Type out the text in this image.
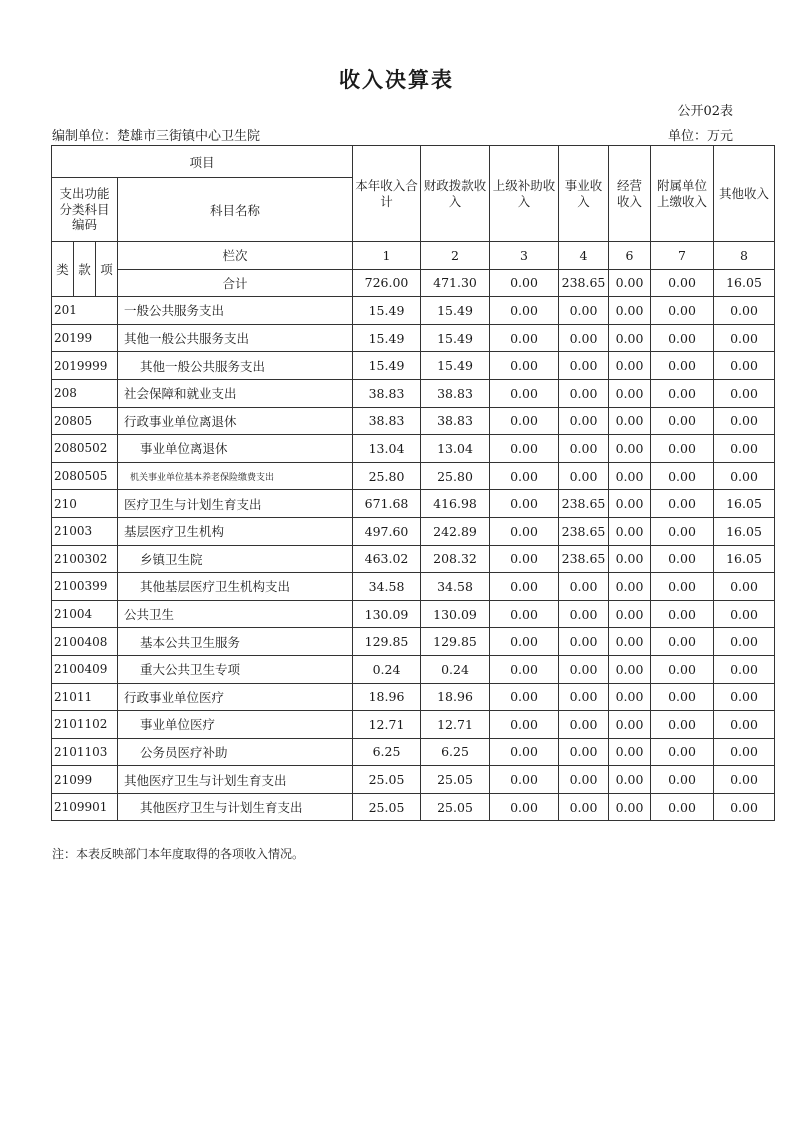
收入决算表
公开02表
编制单位：楚雄市三街镇中心卫生院	单位：万元
项目				本年收入合计	财政拨款收入	上级补助收入	事业收入	经营收入	附属单位上缴收入	其他收入
支出功能分类科目编码			科目名称							
类	款	项	栏次	1	2	3	4	6	7	8
			合计	726.00	471.30	0.00	238.65	0.00	0.00	16.05
201			一般公共服务支出	15.49	15.49	0.00	0.00	0.00	0.00	0.00
20199			其他一般公共服务支出	15.49	15.49	0.00	0.00	0.00	0.00	0.00
2019999			其他一般公共服务支出	15.49	15.49	0.00	0.00	0.00	0.00	0.00
208			社会保障和就业支出	38.83	38.83	0.00	0.00	0.00	0.00	0.00
20805			行政事业单位离退休	38.83	38.83	0.00	0.00	0.00	0.00	0.00
2080502			事业单位离退休	13.04	13.04	0.00	0.00	0.00	0.00	0.00
2080505			机关事业单位基本养老保险缴费支出	25.80	25.80	0.00	0.00	0.00	0.00	0.00
210			医疗卫生与计划生育支出	671.68	416.98	0.00	238.65	0.00	0.00	16.05
21003			基层医疗卫生机构	497.60	242.89	0.00	238.65	0.00	0.00	16.05
2100302			乡镇卫生院	463.02	208.32	0.00	238.65	0.00	0.00	16.05
2100399			其他基层医疗卫生机构支出	34.58	34.58	0.00	0.00	0.00	0.00	0.00
21004			公共卫生	130.09	130.09	0.00	0.00	0.00	0.00	0.00
2100408			基本公共卫生服务	129.85	129.85	0.00	0.00	0.00	0.00	0.00
2100409			重大公共卫生专项	0.24	0.24	0.00	0.00	0.00	0.00	0.00
21011			行政事业单位医疗	18.96	18.96	0.00	0.00	0.00	0.00	0.00
2101102			事业单位医疗	12.71	12.71	0.00	0.00	0.00	0.00	0.00
2101103			公务员医疗补助	6.25	6.25	0.00	0.00	0.00	0.00	0.00
21099			其他医疗卫生与计划生育支出	25.05	25.05	0.00	0.00	0.00	0.00	0.00
2109901			其他医疗卫生与计划生育支出	25.05	25.05	0.00	0.00	0.00	0.00	0.00
注：本表反映部门本年度取得的各项收入情况。
